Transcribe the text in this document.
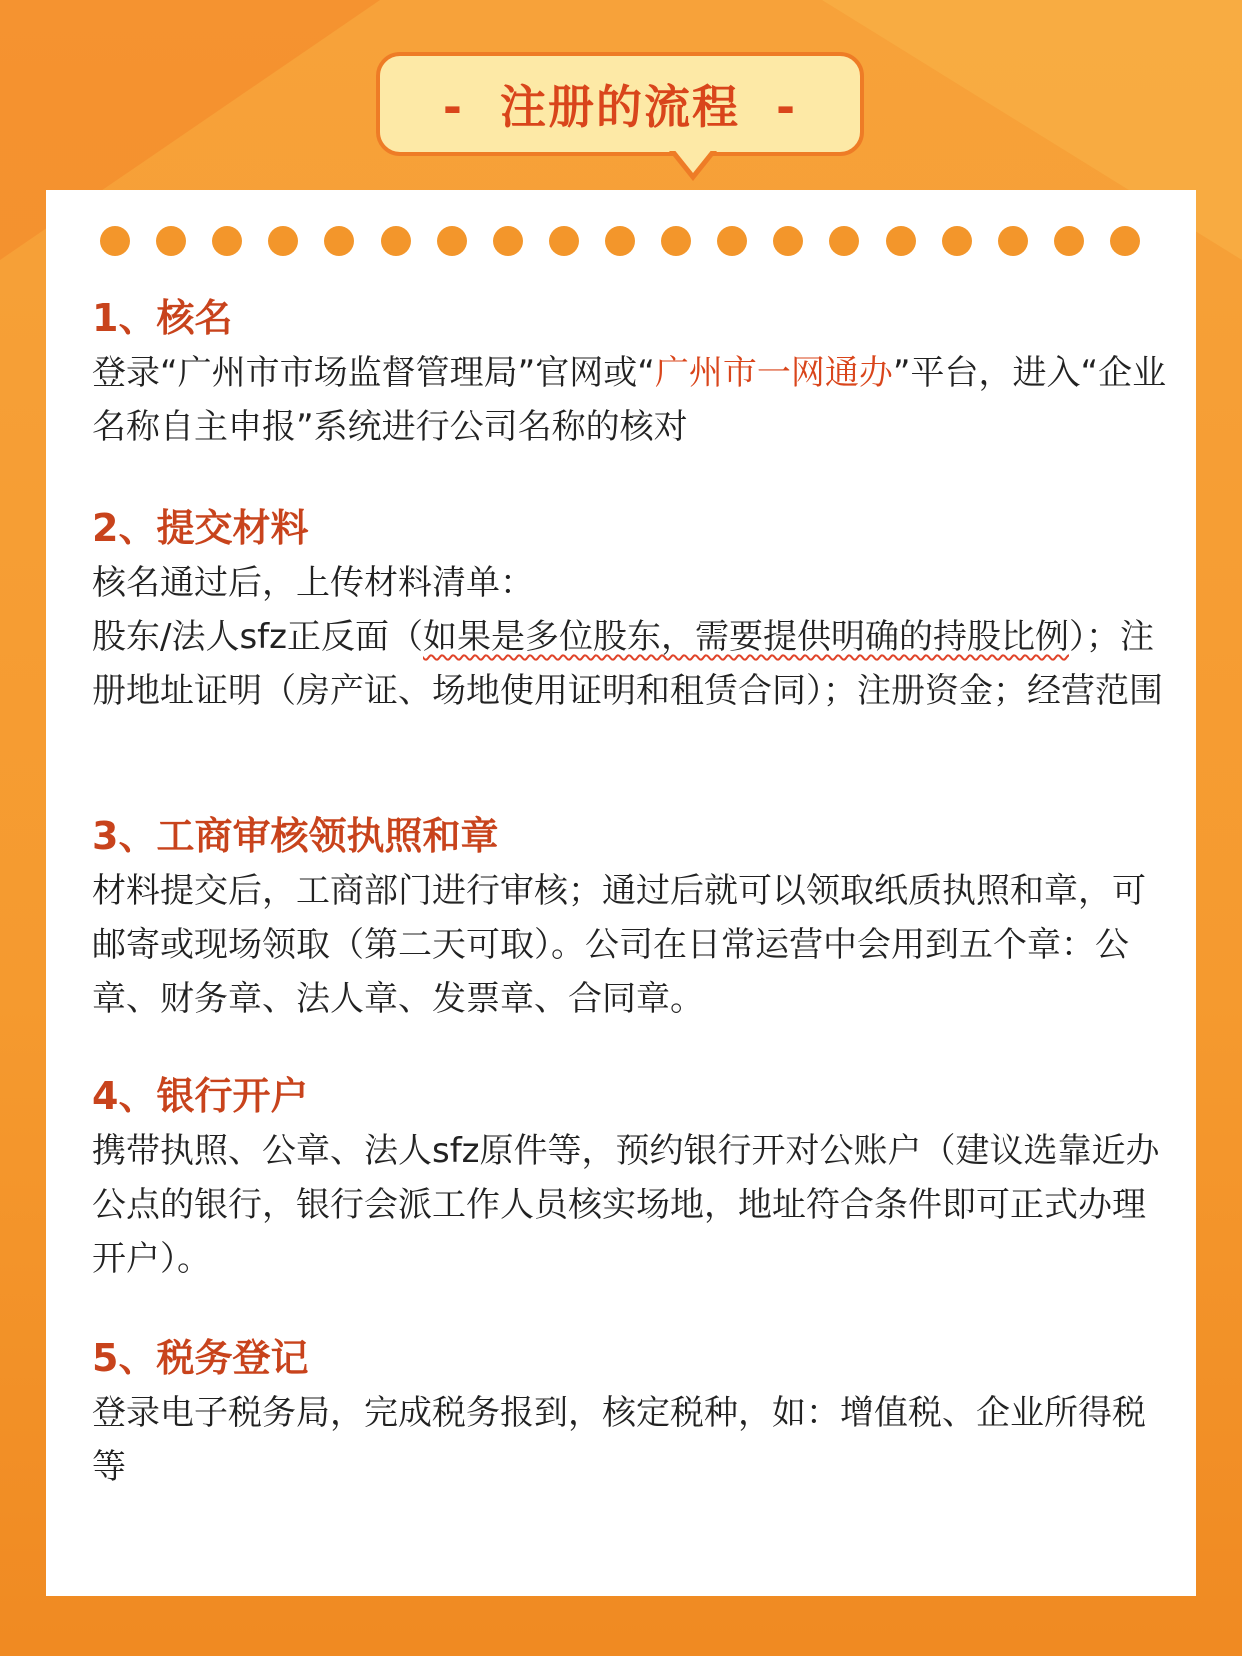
-  注册的流程  -

1、核名

登录“广州市市场监督管理局”官网或“广州市一网通办”平台，进入“企业名称自主申报”系统进行公司名称的核对

2、提交材料

核名通过后，上传材料清单：

股东/法人sfz正反面（如果是多位股东，需要提供明确的持股比例）；注册地址证明（房产证、场地使用证明和租赁合同）；注册资金；经营范围

3、工商审核领执照和章

材料提交后，工商部门进行审核；通过后就可以领取纸质执照和章，可邮寄或现场领取（第二天可取）。公司在日常运营中会用到五个章：公章、财务章、法人章、发票章、合同章。

4、银行开户

携带执照、公章、法人sfz原件等，预约银行开对公账户（建议选靠近办公点的银行，银行会派工作人员核实场地，地址符合条件即可正式办理开户）。

5、税务登记

登录电子税务局，完成税务报到，核定税种，如：增值税、企业所得税等
